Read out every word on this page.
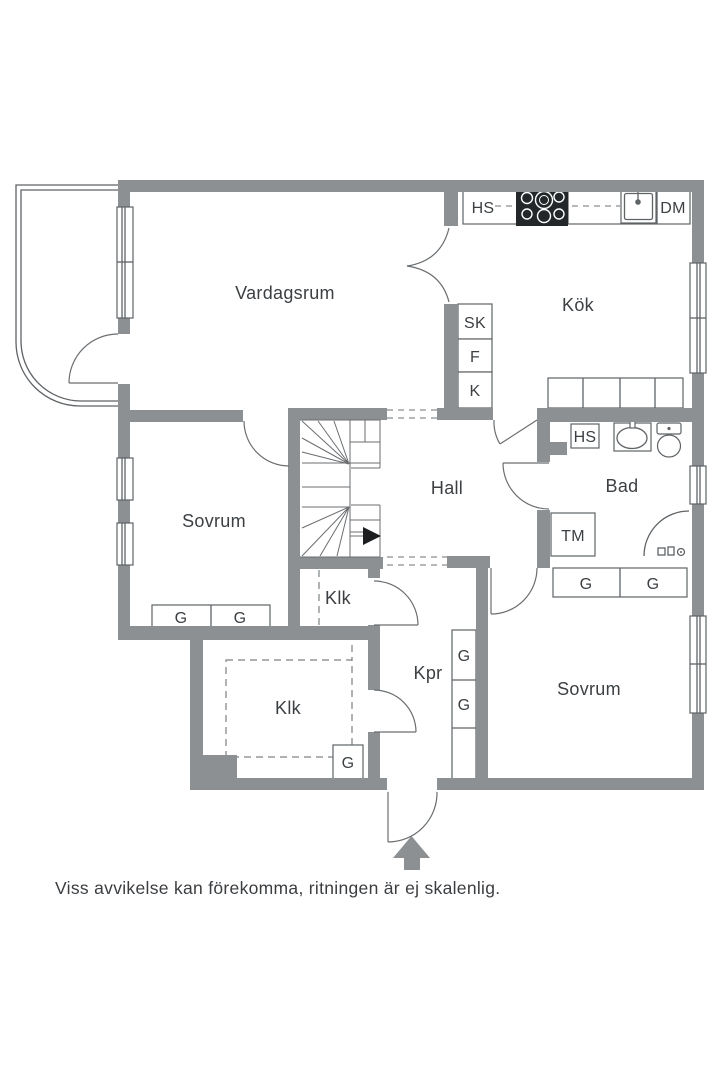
Vardagsrum
Kök
Hall
Sovrum
Bad
Klk
Klk
Kpr
Sovrum
HS	DM
SK
F
K
HS
TM
G	G
G	G
G
G
G
Viss avvikelse kan förekomma, ritningen är ej skalenlig.
